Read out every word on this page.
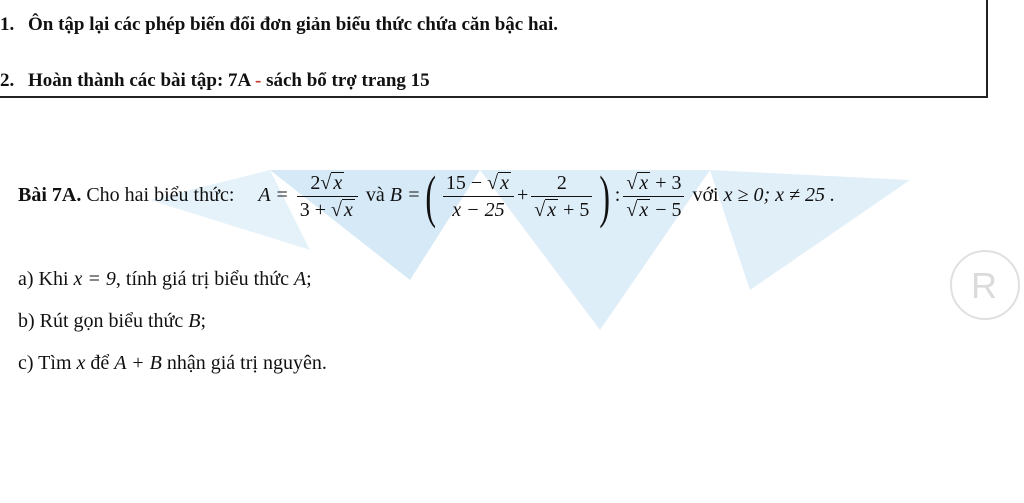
1. Ôn tập lại các phép biến đổi đơn giản biểu thức chứa căn bậc hai.
2. Hoàn thành các bài tập: 7A - sách bổ trợ trang 15
R
Bài 7A. Cho hai biểu thức: $A = \frac{2√ x}{3 + √ x}$ và B =( $\frac{15 - √ x}{x - 25} + \frac{2}{√ x + 5}$ ) : $\frac{√ x + 3}{√ x - 5}$ với x ≥ 0; x ≠ 25 .
a) Khi x = 9, tính giá trị biểu thức A;
b) Rút gọn biểu thức B;
c) Tìm x để A + B nhận giá trị nguyên.
